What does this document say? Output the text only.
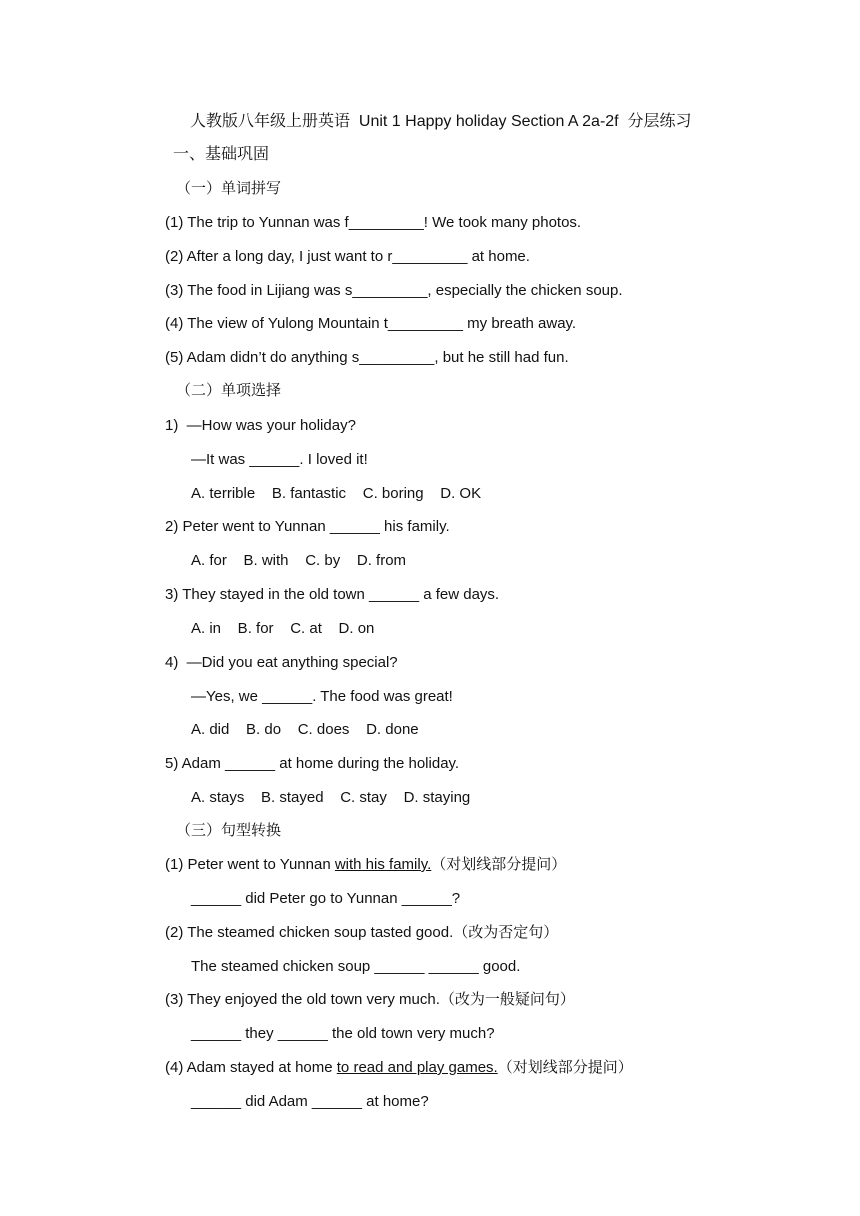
人教版八年级上册英语  Unit 1 Happy holiday Section A 2a-2f  分层练习
一、基础巩固
（一）单词拼写
(1) The trip to Yunnan was f_________! We took many photos.
(2) After a long day, I just want to r_________ at home.
(3) The food in Lijiang was s_________, especially the chicken soup.
(4) The view of Yulong Mountain t_________ my breath away.
(5) Adam didn’t do anything s_________, but he still had fun.
（二）单项选择
1)  —How was your holiday?
—It was ______. I loved it!
A. terrible    B. fantastic    C. boring    D. OK
2) Peter went to Yunnan ______ his family.
A. for    B. with    C. by    D. from
3) They stayed in the old town ______ a few days.
A. in    B. for    C. at    D. on
4)  —Did you eat anything special?
—Yes, we ______. The food was great!
A. did    B. do    C. does    D. done
5) Adam ______ at home during the holiday.
A. stays    B. stayed    C. stay    D. staying
（三）句型转换
(1) Peter went to Yunnan with his family.（对划线部分提问）
______ did Peter go to Yunnan ______?
(2) The steamed chicken soup tasted good.（改为否定句）
The steamed chicken soup ______ ______ good.
(3) They enjoyed the old town very much.（改为一般疑问句）
______ they ______ the old town very much?
(4) Adam stayed at home to read and play games.（对划线部分提问）
______ did Adam ______ at home?
